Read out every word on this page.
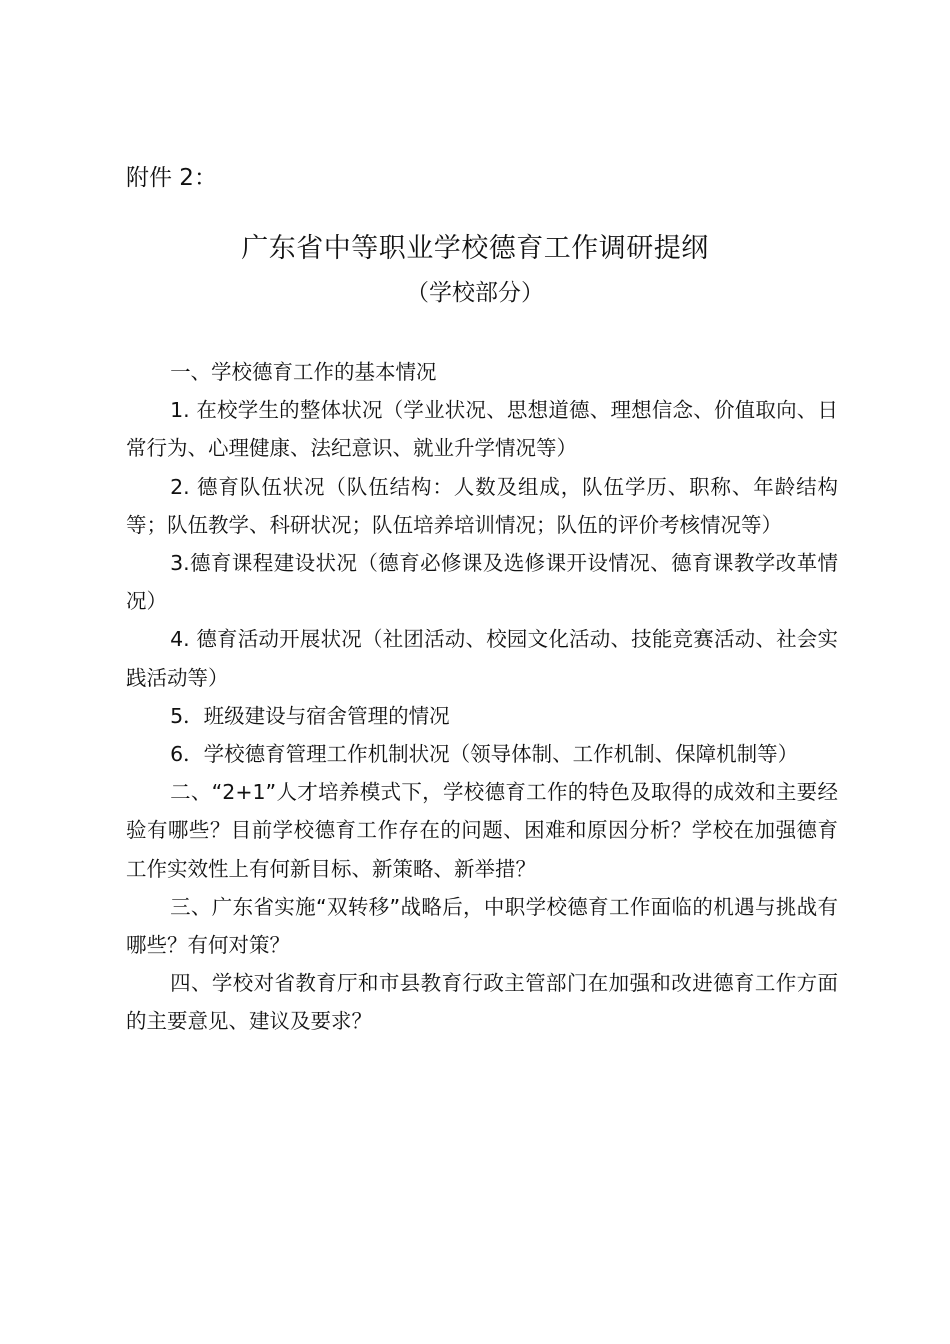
附件 2：
广东省中等职业学校德育工作调研提纲
（学校部分）

一、学校德育工作的基本情况

1. 在校学生的整体状况（学业状况、思想道德、理想信念、价值取向、日常行为、心理健康、法纪意识、就业升学情况等）

2. 德育队伍状况（队伍结构：人数及组成，队伍学历、职称、年龄结构等；队伍教学、科研状况；队伍培养培训情况；队伍的评价考核情况等）

3.德育课程建设状况（德育必修课及选修课开设情况、德育课教学改革情况）

4. 德育活动开展状况（社团活动、校园文化活动、技能竞赛活动、社会实践活动等）

5．班级建设与宿舍管理的情况

6．学校德育管理工作机制状况（领导体制、工作机制、保障机制等）

二、“2+1”人才培养模式下，学校德育工作的特色及取得的成效和主要经验有哪些？目前学校德育工作存在的问题、困难和原因分析？学校在加强德育工作实效性上有何新目标、新策略、新举措？

三、广东省实施“双转移”战略后，中职学校德育工作面临的机遇与挑战有哪些？有何对策？

四、学校对省教育厅和市县教育行政主管部门在加强和改进德育工作方面的主要意见、建议及要求？
